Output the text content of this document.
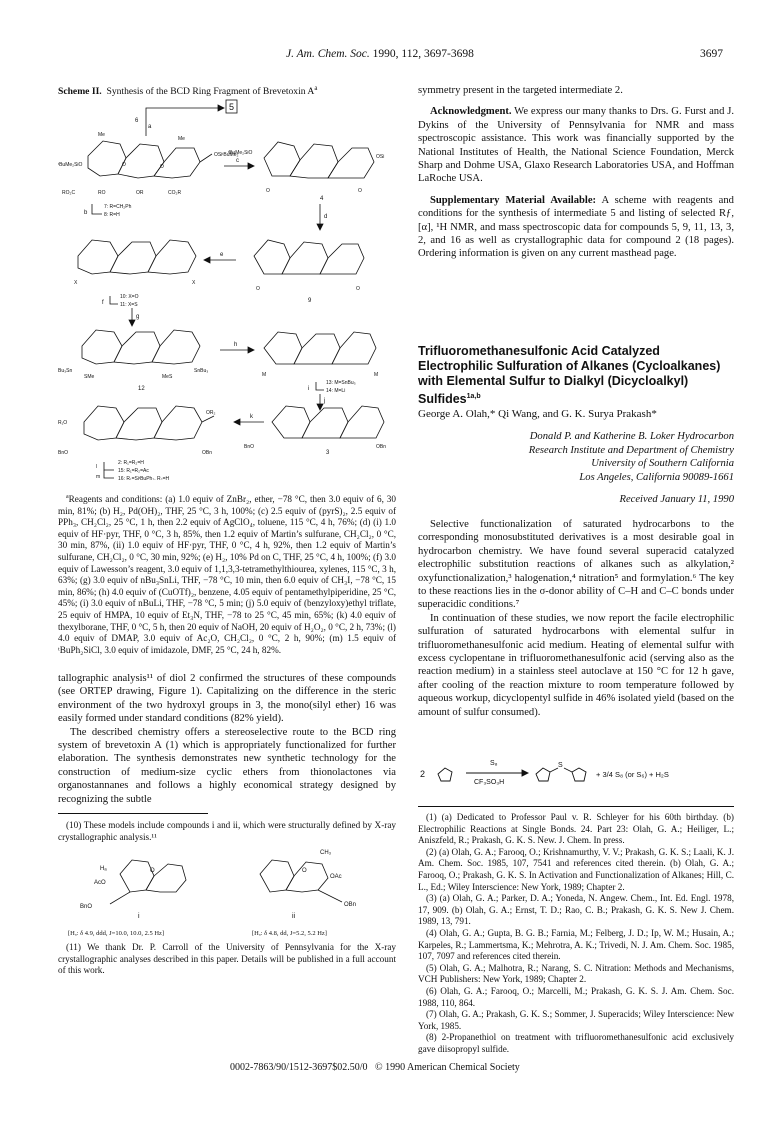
J. Am. Chem. Soc. 1990, 112, 3697-3698	3697
Scheme II.  Synthesis of the BCD Ring Fragment of Brevetoxin $A^a$
5
6
a
ᵗBuMe₂SiO
OSiᵗBuMe₂
RO₂C	RO	OR	CO₂R
Me
Me
O	O
7: R=CH₂Ph
8: R=H
b
c
ᵗBuMe₂SiO
OSi
O	O
4
d
X	X
10: X=O
11: X=S
f
g
e
O	O
9
Bu₃Sn	SnBu₃
SMe	MeS
12
h
M	M
13: M=SnBu₃
14: M=Li
i
j
R₁O
OR₂
BnO	OBn
2: R₁=R₂=H
15: R₁=R₂=Ac
16: R₁=SiᵗBuPh₂, R₂=H
l
m
k
BnO	OBn
3

$^a$Reagents and conditions: (a) 1.0 equiv of ZnBr₂, ether, −78 °C, then 3.0 equiv of 6, 30 min, 81%; (b) H₂, Pd(OH)₂, THF, 25 °C, 3 h, 100%; (c) 2.5 equiv of (pyrS)₂, 2.5 equiv of PPh₃, CH₂Cl₂, 25 °C, 1 h, then 2.2 equiv of AgClO₄, toluene, 115 °C, 4 h, 76%; (d) (i) 1.0 equiv of HF·pyr, THF, 0 °C, 3 h, 85%, then 1.2 equiv of Martin’s sulfurane, CH₂Cl₂, 0 °C, 30 min, 87%, (ii) 1.0 equiv of HF·pyr, THF, 0 °C, 4 h, 92%, then 1.2 equiv of Martin’s sulfurane, CH₂Cl₂, 0 °C, 30 min, 92%; (e) H₂, 10% Pd on C, THF, 25 °C, 4 h, 100%; (f) 3.0 equiv of Lawesson’s reagent, 3.0 equiv of 1,1,3,3-tetramethylthiourea, xylenes, 115 °C, 3 h, 63%; (g) 3.0 equiv of nBu₃SnLi, THF, −78 °C, 10 min, then 6.0 equiv of CH₃I, −78 °C, 15 min, 86%; (h) 4.0 equiv of (CuOTf)₂, benzene, 4.05 equiv of pentamethylpiperidine, 25 °C, 45%; (i) 3.0 equiv of nBuLi, THF, −78 °C, 5 min; (j) 5.0 equiv of (benzyloxy)ethyl triflate, 25 equiv of HMPA, 10 equiv of Et₃N, THF, −78 to 25 °C, 45 min, 65%; (k) 4.0 equiv of thexylborane, THF, 0 °C, 5 h, then 20 equiv of NaOH, 20 equiv of H₂O₂, 0 °C, 2 h, 73%; (l) 4.0 equiv of DMAP, 3.0 equiv of Ac₂O, CH₂Cl₂, 0 °C, 2 h, 90%; (m) 1.5 equiv of ᵗBuPh₂SiCl, 3.0 equiv of imidazole, DMF, 25 °C, 24 h, 82%.

tallographic analysis¹¹ of diol 2 confirmed the structures of these compounds (see ORTEP drawing, Figure 1). Capitalizing on the difference in the steric environment of the two hydroxyl groups in 3, the mono(silyl ether) 16 was easily formed under standard conditions (82% yield).

The described chemistry offers a stereoselective route to the BCD ring system of brevetoxin A (1) which is appropriately functionalized for further elaboration. The synthesis demonstrates new synthetic technology for the construction of medium-size cyclic ethers from thionolactones via organostannanes and follows a highly economical strategy designed by recognizing the subtle

(10) These models include compounds i and ii, which were structurally defined by X-ray crystallographic analysis.¹¹

BnO
AcO
Hₐ	O
i
OBn
OAc
CH₃
O
ii
[Hₐ: δ 4.9, ddd, J=10.0, 10.0, 2.5 Hz]	[Hₐ: δ 4.8, dd, J=5.2, 5.2 Hz]

(11) We thank Dr. P. Carroll of the University of Pennsylvania for the X-ray crystallographic analyses described in this paper. Details will be published in a full account of this work.

symmetry present in the targeted intermediate 2.

Acknowledgment. We express our many thanks to Drs. G. Furst and J. Dykins of the University of Pennsylvania for NMR and mass spectroscopic assistance. This work was financially supported by the National Institutes of Health, the National Science Foundation, Merck Sharp and Dohme USA, Glaxo Research Laboratories USA, and Hoffman LaRoche USA.

Supplementary Material Available: A scheme with reagents and conditions for the synthesis of intermediate 5 and listing of selected Rƒ, [α], ¹H NMR, and mass spectroscopic data for compounds 5, 9, 11, 13, 3, 2, and 16 as well as crystallographic data for compound 2 (18 pages). Ordering information is given on any current masthead page.

Trifluoromethanesulfonic Acid Catalyzed Electrophilic Sulfuration of Alkanes (Cycloalkanes) with Elemental Sulfur to Dialkyl (Dicycloalkyl) Sulfides$^{1a,b}$
George A. Olah,* Qi Wang, and G. K. Surya Prakash*
Donald P. and Katherine B. Loker Hydrocarbon
Research Institute and Department of Chemistry
University of Southern California
Los Angeles, California 90089-1661
Received January 11, 1990

Selective functionalization of saturated hydrocarbons to the corresponding monosubstituted derivatives is a most desirable goal in hydrocarbon chemistry. We have found several superacid catalyzed electrophilic substitution reactions of alkanes such as alkylation,² oxyfunctionalization,³ halogenation,⁴ nitration⁵ and formylation.⁶ The key to these reactions lies in the σ-donor ability of C–H and C–C bonds under superacidic conditions.⁷

In continuation of these studies, we now report the facile electrophilic sulfuration of saturated hydrocarbons with elemental sulfur in trifluoromethanesulfonic acid medium. Heating of elemental sulfur with excess cyclopentane in trifluoromethanesulfonic acid (serving also as the reaction medium) in a stainless steel autoclave at 150 °C for 12 h gave, after cooling of the reaction mixture to room temperature followed by aqueous workup, dicyclopentyl sulfide in 46% isolated yield (based on the amount of sulfur consumed).

2
S₈
CF₃SO₃H
S
+ 3/4 S₈ (or S₆) + H₂S

(1) (a) Dedicated to Professor Paul v. R. Schleyer for his 60th birthday. (b) Electrophilic Reactions at Single Bonds. 24. Part 23: Olah, G. A.; Heiliger, L.; Aniszfeld, R.; Prakash, G. K. S. New. J. Chem. In press.

(2) (a) Olah, G. A.; Farooq, O.; Krishnamurthy, V. V.; Prakash, G. K. S.; Laali, K. J. Am. Chem. Soc. 1985, 107, 7541 and references cited therein. (b) Olah, G. A.; Farooq, O.; Prakash, G. K. S. In Activation and Functionalization of Alkanes; Hill, C. L., Ed.; Wiley Interscience: New York, 1989; Chapter 2.

(3) (a) Olah, G. A.; Parker, D. A.; Yoneda, N. Angew. Chem., Int. Ed. Engl. 1978, 17, 909. (b) Olah, G. A.; Ernst, T. D.; Rao, C. B.; Prakash, G. K. S. New J. Chem. 1989, 13, 791.

(4) Olah, G. A.; Gupta, B. G. B.; Farnia, M.; Felberg, J. D.; Ip, W. M.; Husain, A.; Karpeles, R.; Lammertsma, K.; Mehrotra, A. K.; Trivedi, N. J. Am. Chem. Soc. 1985, 107, 7097 and references cited therein.

(5) Olah, G. A.; Malhotra, R.; Narang, S. C. Nitration: Methods and Mechanisms, VCH Publishers: New York, 1989; Chapter 2.

(6) Olah, G. A.; Farooq, O.; Marcelli, M.; Prakash, G. K. S. J. Am. Chem. Soc. 1988, 110, 864.

(7) Olah, G. A.; Prakash, G. K. S.; Sommer, J. Superacids; Wiley Interscience: New York, 1985.

(8) 2-Propanethiol on treatment with trifluoromethanesulfonic acid exclusively gave diisopropyl sulfide.

0002-7863/90/1512-3697$02.50/0 © 1990 American Chemical Society
